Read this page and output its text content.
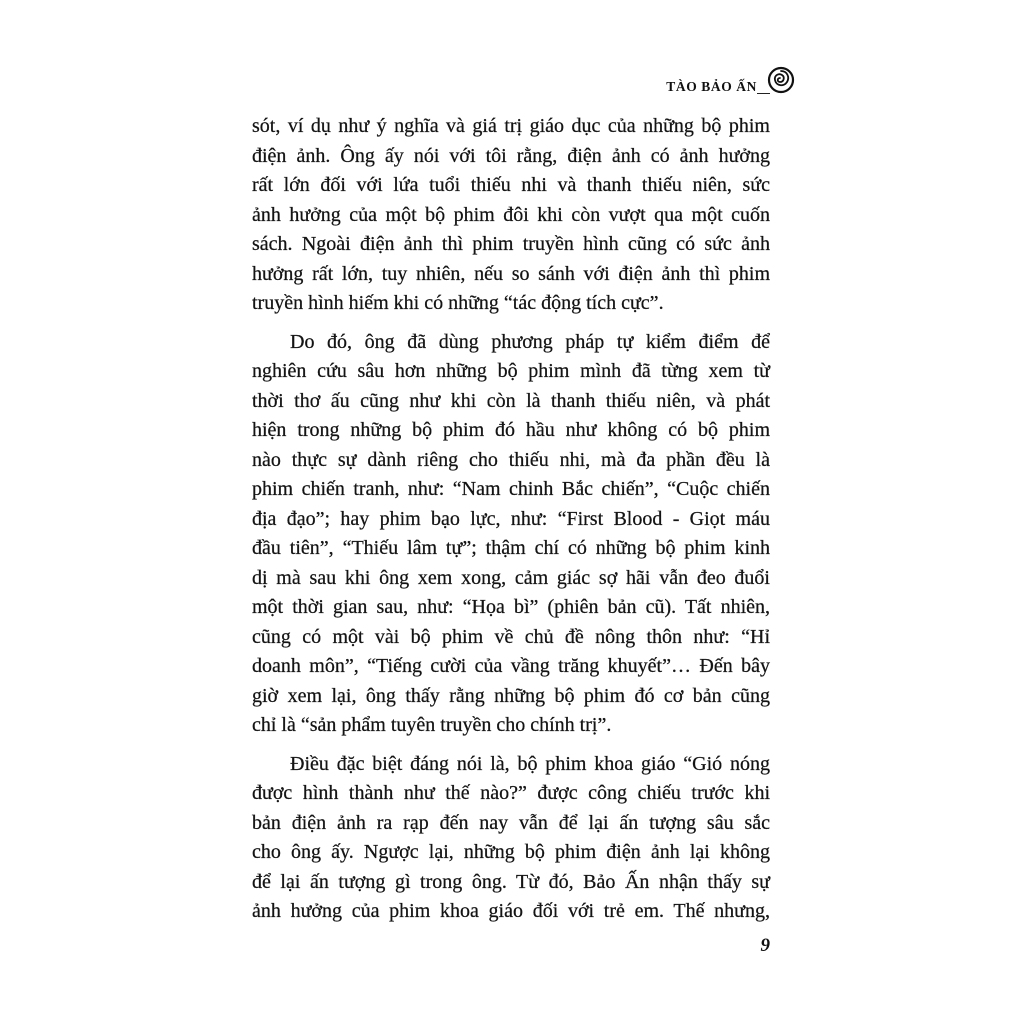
TÀO BẢO ẤN
sót, ví dụ như ý nghĩa và giá trị giáo dục của những bộ phim
điện ảnh. Ông ấy nói với tôi rằng, điện ảnh có ảnh hưởng
rất lớn đối với lứa tuổi thiếu nhi và thanh thiếu niên, sức
ảnh hưởng của một bộ phim đôi khi còn vượt qua một cuốn
sách. Ngoài điện ảnh thì phim truyền hình cũng có sức ảnh
hưởng rất lớn, tuy nhiên, nếu so sánh với điện ảnh thì phim
truyền hình hiếm khi có những “tác động tích cực”.
Do đó, ông đã dùng phương pháp tự kiểm điểm để
nghiên cứu sâu hơn những bộ phim mình đã từng xem từ
thời thơ ấu cũng như khi còn là thanh thiếu niên, và phát
hiện trong những bộ phim đó hầu như không có bộ phim
nào thực sự dành riêng cho thiếu nhi, mà đa phần đều là
phim chiến tranh, như: “Nam chinh Bắc chiến”, “Cuộc chiến
địa đạo”; hay phim bạo lực, như: “First Blood - Giọt máu
đầu tiên”, “Thiếu lâm tự”; thậm chí có những bộ phim kinh
dị mà sau khi ông xem xong, cảm giác sợ hãi vẫn đeo đuổi
một thời gian sau, như: “Họa bì” (phiên bản cũ). Tất nhiên,
cũng có một vài bộ phim về chủ đề nông thôn như: “Hỉ
doanh môn”, “Tiếng cười của vầng trăng khuyết”… Đến bây
giờ xem lại, ông thấy rằng những bộ phim đó cơ bản cũng
chỉ là “sản phẩm tuyên truyền cho chính trị”.
Điều đặc biệt đáng nói là, bộ phim khoa giáo “Gió nóng
được hình thành như thế nào?” được công chiếu trước khi
bản điện ảnh ra rạp đến nay vẫn để lại ấn tượng sâu sắc
cho ông ấy. Ngược lại, những bộ phim điện ảnh lại không
để lại ấn tượng gì trong ông. Từ đó, Bảo Ấn nhận thấy sự
ảnh hưởng của phim khoa giáo đối với trẻ em. Thế nhưng,
9
